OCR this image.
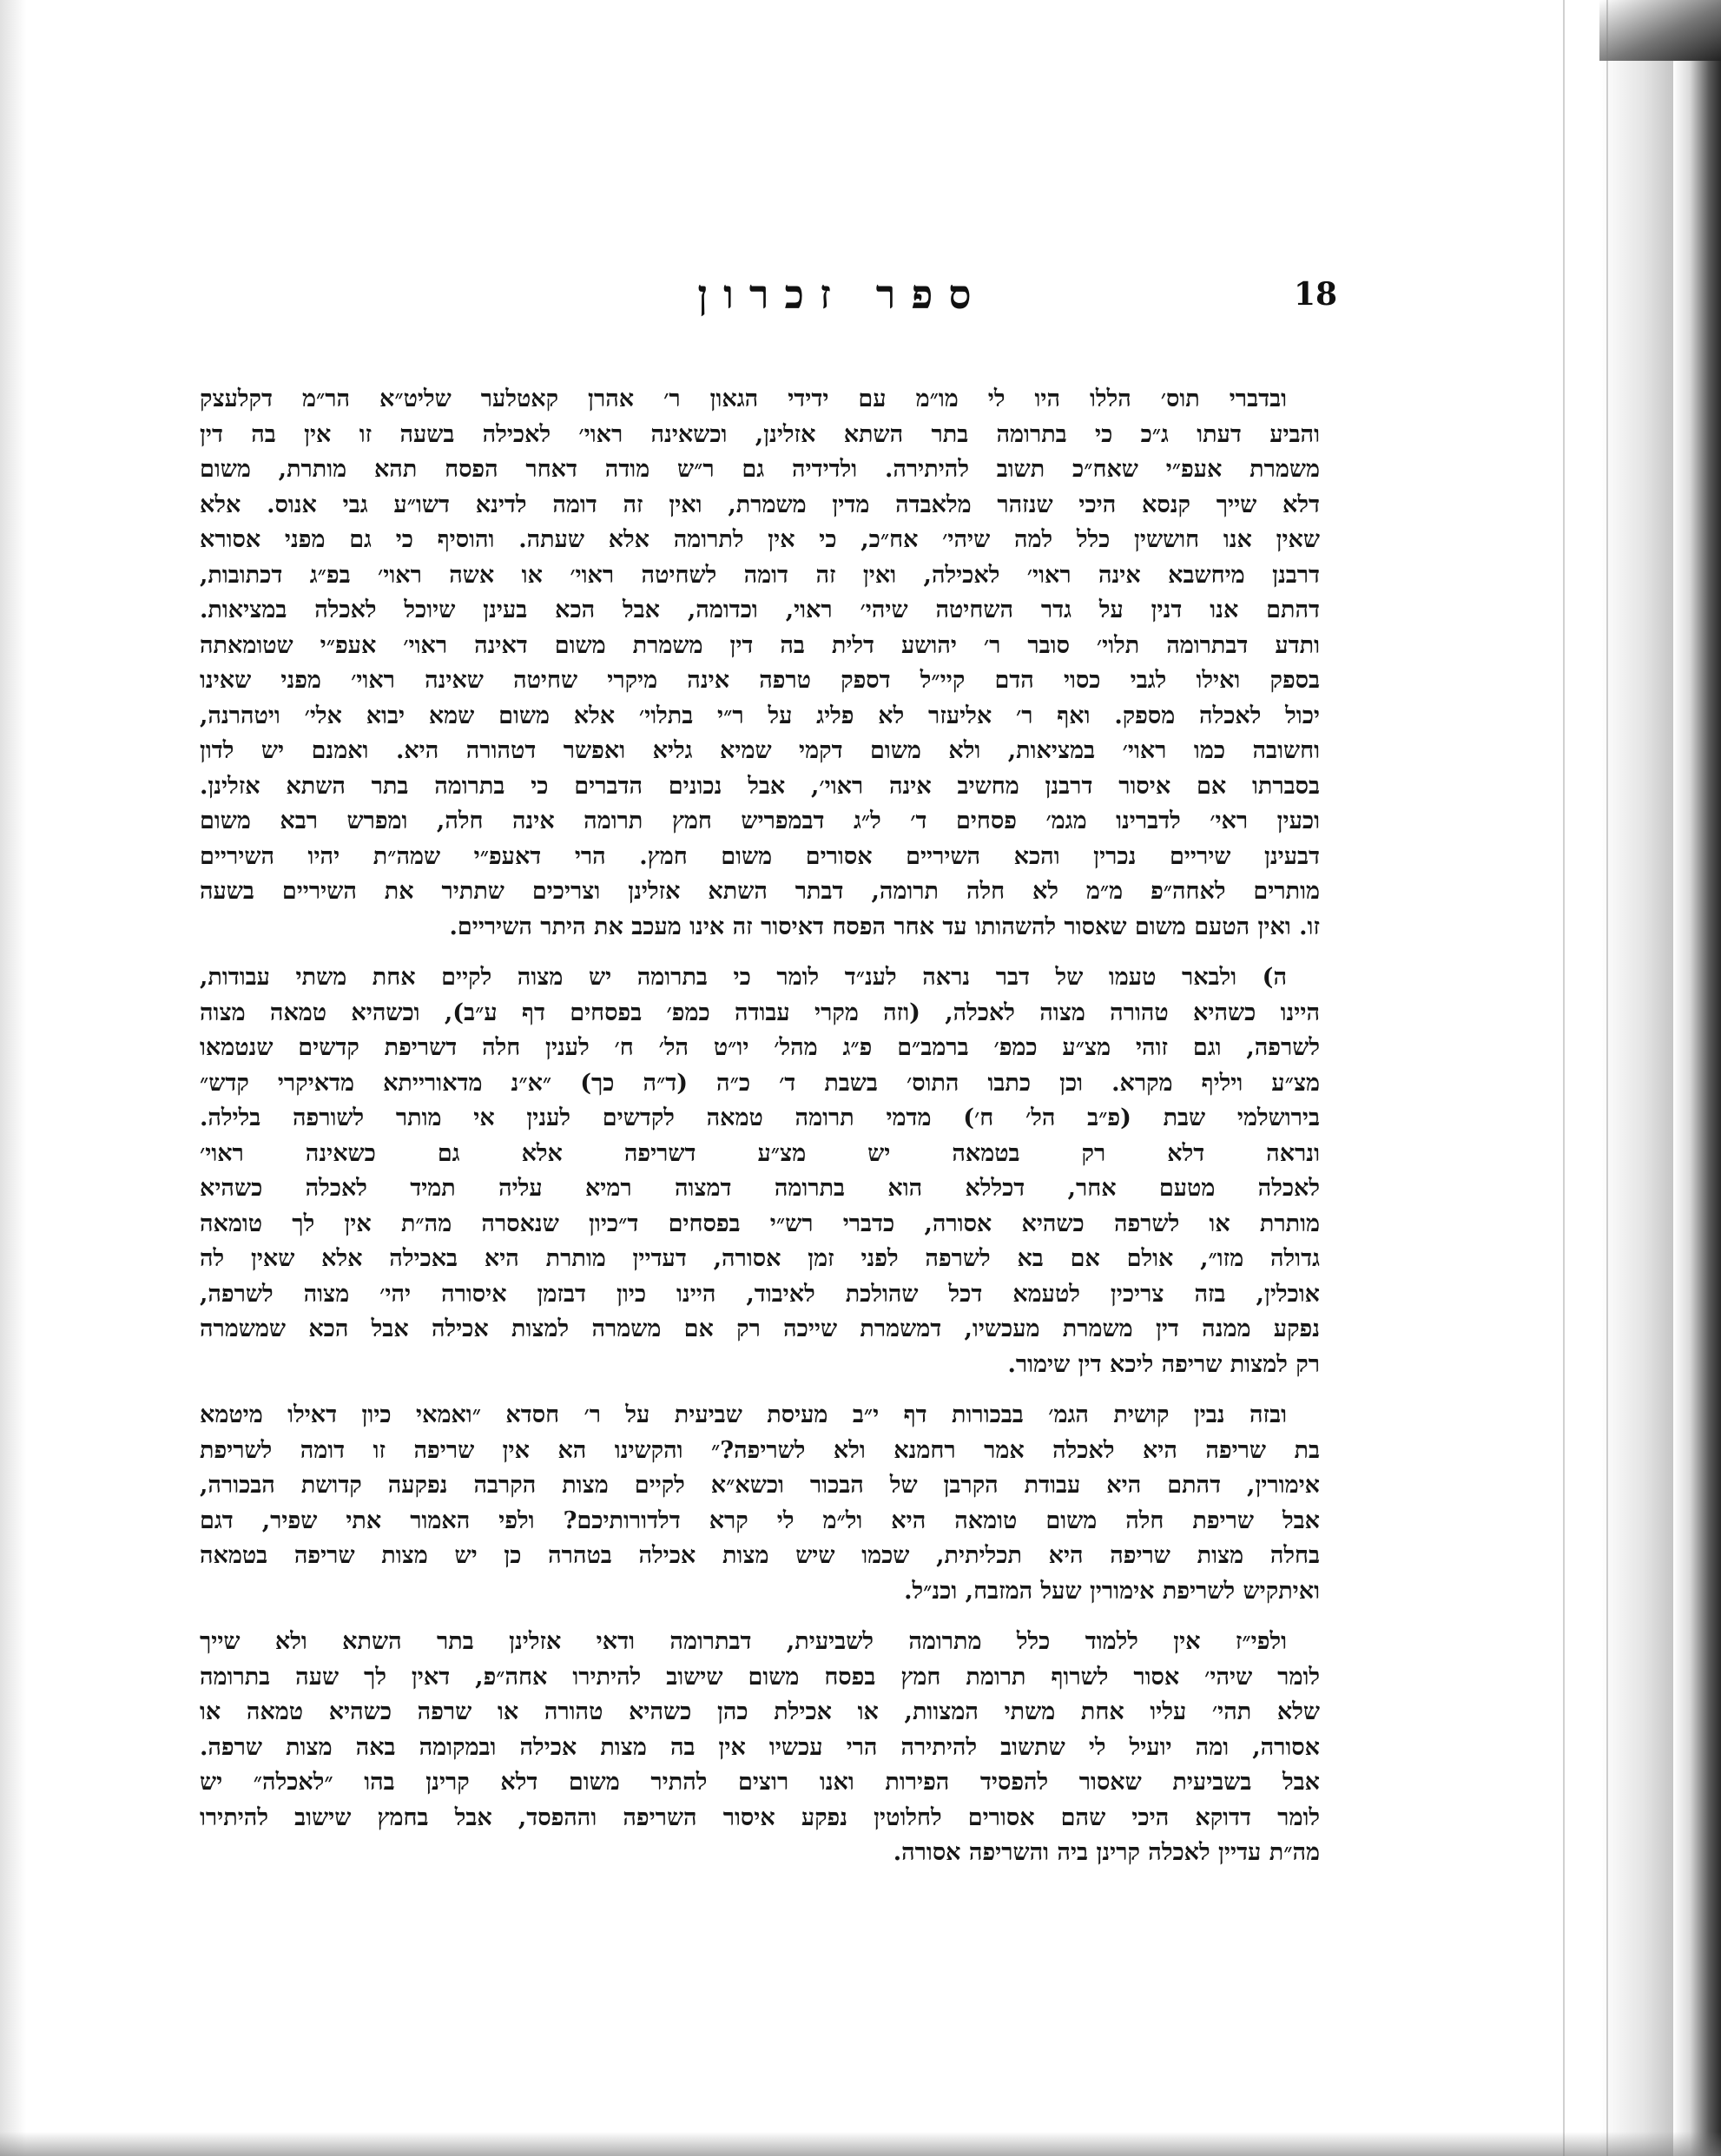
18
ספר זכרון
ובדברי תוס׳ הללו היו לי מו״מ עם ידידי הגאון ר׳ אהרן קאטלער שליט״א הר״מ דקלעצק
והביע דעתו ג״כ כי בתרומה בתר השתא אזלינן, וכשאינה ראוי׳ לאכילה בשעה זו אין בה דין
משמרת אעפ״י שאח״כ תשוב להיתירה. ולדידיה גם ר״ש מודה דאחר הפסח תהא מותרת, משום
דלא שייך קנסא היכי שנזהר מלאבדה מדין משמרת, ואין זה דומה לדינא דשו״ע גבי אנוס. אלא
שאין אנו חוששין כלל למה שיהי׳ אח״כ, כי אין לתרומה אלא שעתה. והוסיף כי גם מפני אסורא
דרבנן מיחשבא אינה ראוי׳ לאכילה, ואין זה דומה לשחיטה ראוי׳ או אשה ראוי׳ בפ״ג דכתובות,
דהתם אנו דנין על גדר השחיטה שיהי׳ ראוי, וכדומה, אבל הכא בעינן שיוכל לאכלה במציאות.
ותדע דבתרומה תלוי׳ סובר ר׳ יהושע דלית בה דין משמרת משום דאינה ראוי׳ אעפ״י שטומאתה
בספק ואילו לגבי כסוי הדם קיי״ל דספק טרפה אינה מיקרי שחיטה שאינה ראוי׳ מפני שאינו
יכול לאכלה מספק. ואף ר׳ אליעזר לא פליג על ר״י בתלוי׳ אלא משום שמא יבוא אלי׳ ויטהרנה,
וחשובה כמו ראוי׳ במציאות, ולא משום דקמי שמיא גליא ואפשר דטהורה היא. ואמנם יש לדון
בסברתו אם איסור דרבנן מחשיב אינה ראוי׳, אבל נכונים הדברים כי בתרומה בתר השתא אזלינן.
וכעין ראי׳ לדברינו מגמ׳ פסחים ד׳ ל״ג דבמפריש חמץ תרומה אינה חלה, ומפרש רבא משום
דבעינן שיריים נכרין והכא השיריים אסורים משום חמץ. הרי דאעפ״י שמה״ת יהיו השיריים
מותרים לאחה״פ מ״מ לא חלה תרומה, דבתר השתא אזלינן וצריכים שתתיר את השיריים בשעה
זו. ואין הטעם משום שאסור להשהותו עד אחר הפסח דאיסור זה אינו מעכב את היתר השיריים.
ה) ולבאר טעמו של דבר נראה לענ״ד לומר כי בתרומה יש מצוה לקיים אחת משתי עבודות,
היינו כשהיא טהורה מצוה לאכלה, (וזה מקרי עבודה כמפ׳ בפסחים דף ע״ב), וכשהיא טמאה מצוה
לשרפה, וגם זוהי מצ״ע כמפ׳ ברמב״ם פ״ג מהל׳ יו״ט הל׳ ח׳ לענין חלה דשריפת קדשים שנטמאו
מצ״ע ויליף מקרא. וכן כתבו התוס׳ בשבת ד׳ כ״ה (ד״ה כך) ״א״נ מדאורייתא מדאיקרי קדש״
בירושלמי שבת (פ״ב הל׳ ח׳) מדמי תרומה טמאה לקדשים לענין אי מותר לשורפה בלילה.
ונראה דלא רק בטמאה יש מצ״ע דשריפה אלא גם כשאינה ראוי׳
לאכלה מטעם אחר, דכללא הוא בתרומה דמצוה רמיא עליה תמיד לאכלה כשהיא
מותרת או לשרפה כשהיא אסורה, כדברי רש״י בפסחים ד״כיון שנאסרה מה״ת אין לך טומאה
גדולה מזו״, אולם אם בא לשרפה לפני זמן אסורה, דעדיין מותרת היא באכילה אלא שאין לה
אוכלין, בזה צריכין לטעמא דכל שהולכת לאיבוד, היינו כיון דבזמן איסורה יהי׳ מצוה לשרפה,
נפקע ממנה דין משמרת מעכשיו, דמשמרת שייכה רק אם משמרה למצות אכילה אבל הכא שמשמרה
רק למצות שריפה ליכא דין שימור.
ובזה נבין קושית הגמ׳ בבכורות דף י״ב מעיסת שביעית על ר׳ חסדא ״ואמאי כיון דאילו מיטמא
בת שריפה היא לאכלה אמר רחמנא ולא לשריפה?״ והקשינו הא אין שריפה זו דומה לשריפת
אימורין, דהתם היא עבודת הקרבן של הבכור וכשא״א לקיים מצות הקרבה נפקעה קדושת הבכורה,
אבל שריפת חלה משום טומאה היא ול״מ לי קרא דלדורותיכם? ולפי האמור אתי שפיר, דגם
בחלה מצות שריפה היא תכליתית, שכמו שיש מצות אכילה בטהרה כן יש מצות שריפה בטמאה
ואיתקיש לשריפת אימורין שעל המזבח, וכנ״ל.
ולפי״ז אין ללמוד כלל מתרומה לשביעית, דבתרומה ודאי אזלינן בתר השתא ולא שייך
לומר שיהי׳ אסור לשרוף תרומת חמץ בפסח משום שישוב להיתירו אחה״פ, דאין לך שעה בתרומה
שלא תהי׳ עליו אחת משתי המצוות, או אכילת כהן כשהיא טהורה או שרפה כשהיא טמאה או
אסורה, ומה יועיל לי שתשוב להיתירה הרי עכשיו אין בה מצות אכילה ובמקומה באה מצות שרפה.
אבל בשביעית שאסור להפסיד הפירות ואנו רוצים להתיר משום דלא קרינן בהו ״לאכלה״ יש
לומר דדוקא היכי שהם אסורים לחלוטין נפקע איסור השריפה וההפסד, אבל בחמץ שישוב להיתירו
מה״ת עדיין לאכלה קרינן ביה והשריפה אסורה.
